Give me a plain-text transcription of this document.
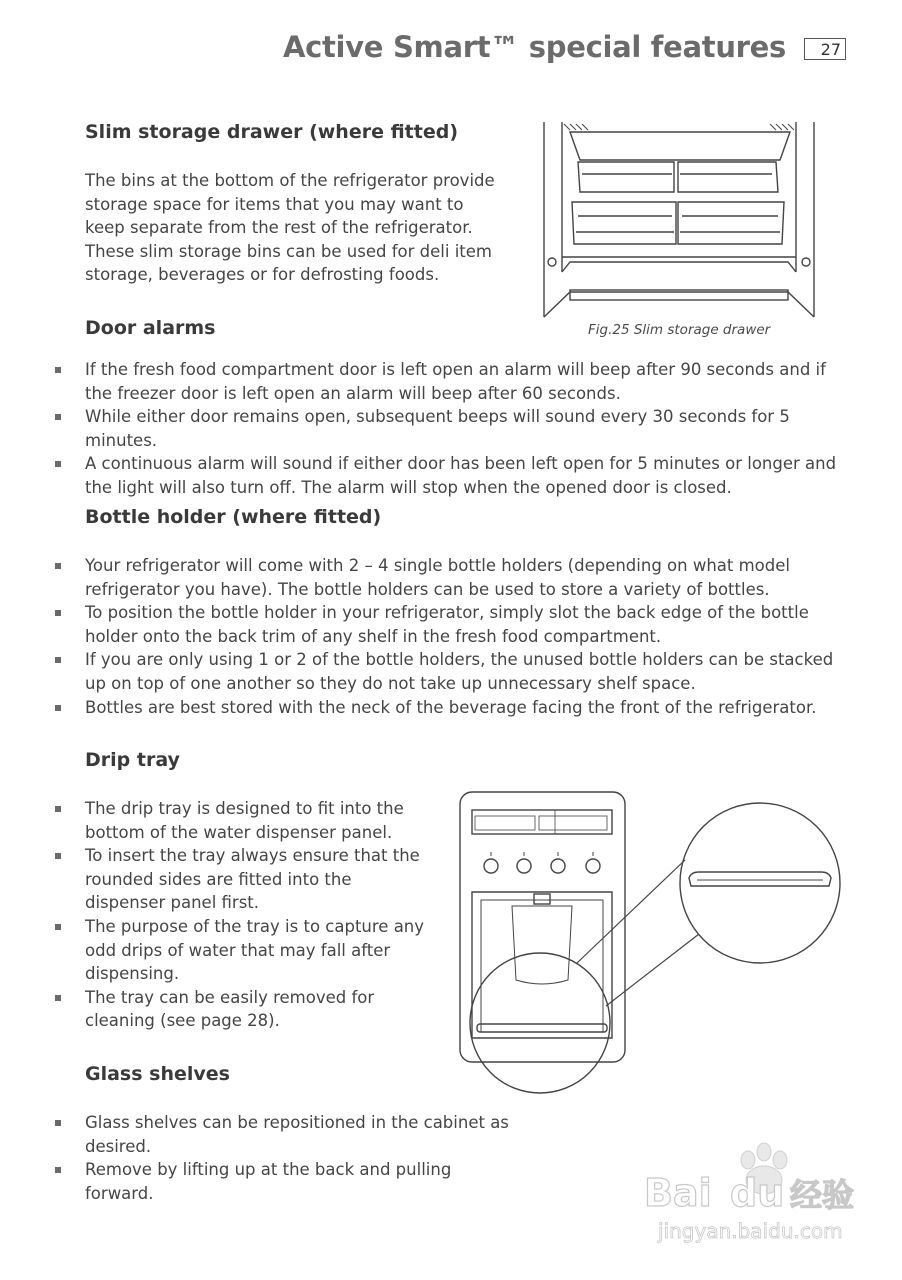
Active Smart™ special features	27
Slim storage drawer (where fitted)

The bins at the bottom of the refrigerator provide storage space for items that you may want to keep separate from the rest of the refrigerator. These slim storage bins can be used for deli item storage, beverages or for defrosting foods.

Fig.25 Slim storage drawer

Door alarms
If the fresh food compartment door is left open an alarm will beep after 90 seconds and if the freezer door is left open an alarm will beep after 60 seconds.
While either door remains open, subsequent beeps will sound every 30 seconds for 5 minutes.
A continuous alarm will sound if either door has been left open for 5 minutes or longer and the light will also turn off. The alarm will stop when the opened door is closed.
Bottle holder (where fitted)
Your refrigerator will come with 2 – 4 single bottle holders (depending on what model refrigerator you have). The bottle holders can be used to store a variety of bottles.
To position the bottle holder in your refrigerator, simply slot the back edge of the bottle holder onto the back trim of any shelf in the fresh food compartment.
If you are only using 1 or 2 of the bottle holders, the unused bottle holders can be stacked up on top of one another so they do not take up unnecessary shelf space.
Bottles are best stored with the neck of the beverage facing the front of the refrigerator.
Drip tray
The drip tray is designed to fit into the bottom of the water dispenser panel.
To insert the tray always ensure that the rounded sides are fitted into the dispenser panel first.
The purpose of the tray is to capture any odd drips of water that may fall after dispensing.
The tray can be easily removed for cleaning (see page 28).
Glass shelves
Glass shelves can be repositioned in the cabinet as desired.
Remove by lifting up at the back and pulling forward.	Bai du 经验
jingyan.baidu.com
